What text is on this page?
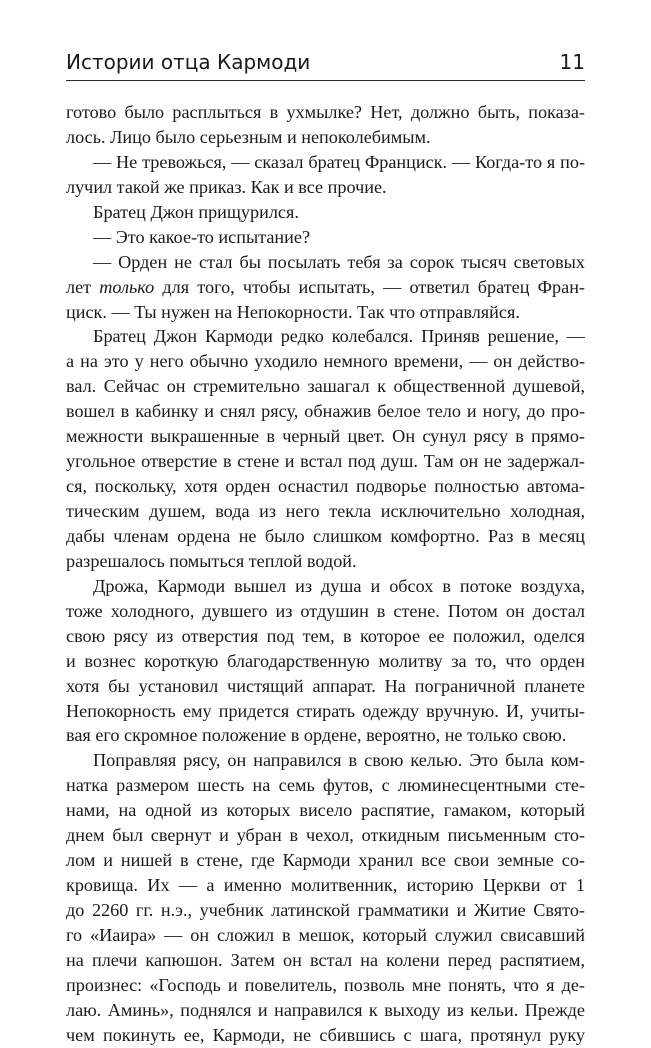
Истории отца Кармоди	11
готово было расплыться в ухмылке? Нет, должно быть, показа-
лось. Лицо было серьезным и непоколебимым.
— Не тревожься, — сказал братец Франциск. — Когда-то я по-
лучил такой же приказ. Как и все прочие.
Братец Джон прищурился.
— Это какое-то испытание?
— Орден не стал бы посылать тебя за сорок тысяч световых
лет только для того, чтобы испытать, — ответил братец Фран-
циск. — Ты нужен на Непокорности. Так что отправляйся.
Братец Джон Кармоди редко колебался. Приняв решение, —
а на это у него обычно уходило немного времени, — он действо-
вал. Сейчас он стремительно зашагал к общественной душевой,
вошел в кабинку и снял рясу, обнажив белое тело и ногу, до про-
межности выкрашенные в черный цвет. Он сунул рясу в прямо-
угольное отверстие в стене и встал под душ. Там он не задержал-
ся, поскольку, хотя орден оснастил подворье полностью автома-
тическим душем, вода из него текла исключительно холодная,
дабы членам ордена не было слишком комфортно. Раз в месяц
разрешалось помыться теплой водой.
Дрожа, Кармоди вышел из душа и обсох в потоке воздуха,
тоже холодного, дувшего из отдушин в стене. Потом он достал
свою рясу из отверстия под тем, в которое ее положил, оделся
и вознес короткую благодарственную молитву за то, что орден
хотя бы установил чистящий аппарат. На пограничной планете
Непокорность ему придется стирать одежду вручную. И, учиты-
вая его скромное положение в ордене, вероятно, не только свою.
Поправляя рясу, он направился в свою келью. Это была ком-
натка размером шесть на семь футов, с люминесцентными сте-
нами, на одной из которых висело распятие, гамаком, который
днем был свернут и убран в чехол, откидным письменным сто-
лом и нишей в стене, где Кармоди хранил все свои земные со-
кровища. Их — а именно молитвенник, историю Церкви от 1
до 2260 гг. н.э., учебник латинской грамматики и Житие Свято-
го «Иаира» — он сложил в мешок, который служил свисавший
на плечи капюшон. Затем он встал на колени перед распятием,
произнес: «Господь и повелитель, позволь мне понять, что я де-
лаю. Аминь», поднялся и направился к выходу из кельи. Прежде
чем покинуть ее, Кармоди, не сбившись с шага, протянул руку
